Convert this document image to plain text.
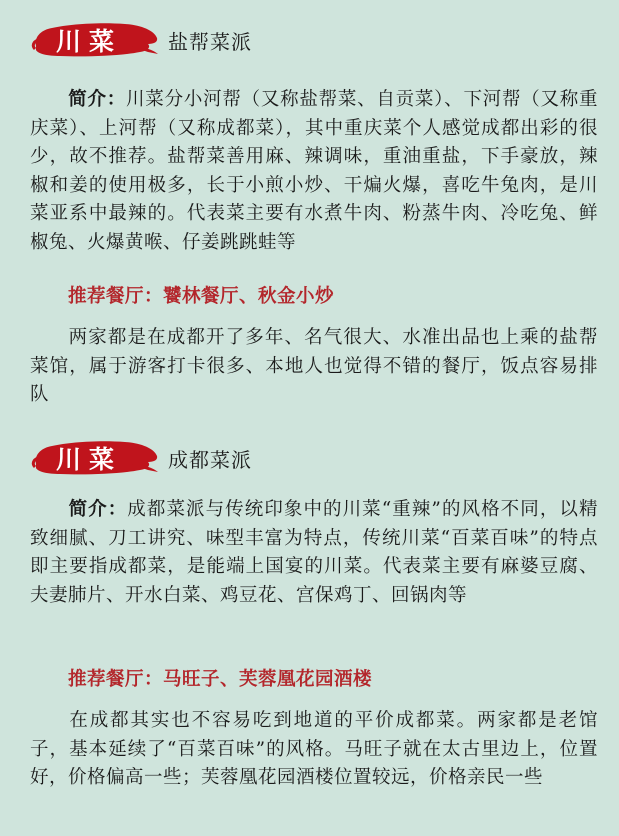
川菜	盐帮菜派
简介：川菜分小河帮（又称盐帮菜、自贡菜）、下河帮（又称重庆菜）、上河帮（又称成都菜），其中重庆菜个人感觉成都出彩的很少，故不推荐。盐帮菜善用麻、辣调味，重油重盐，下手豪放，辣椒和姜的使用极多，长于小煎小炒、干煸火爆，喜吃牛兔肉，是川菜亚系中最辣的。代表菜主要有水煮牛肉、粉蒸牛肉、冷吃兔、鲜椒兔、火爆黄喉、仔姜跳跳蛙等
推荐餐厅：饕林餐厅、秋金小炒
两家都是在成都开了多年、名气很大、水准出品也上乘的盐帮菜馆，属于游客打卡很多、本地人也觉得不错的餐厅，饭点容易排队
川菜	成都菜派
简介：成都菜派与传统印象中的川菜“重辣”的风格不同，以精致细腻、刀工讲究、味型丰富为特点，传统川菜“百菜百味”的特点即主要指成都菜，是能端上国宴的川菜。代表菜主要有麻婆豆腐、夫妻肺片、开水白菜、鸡豆花、宫保鸡丁、回锅肉等
推荐餐厅：马旺子、芙蓉凰花园酒楼
在成都其实也不容易吃到地道的平价成都菜。两家都是老馆子，基本延续了“百菜百味”的风格。马旺子就在太古里边上，位置好，价格偏高一些；芙蓉凰花园酒楼位置较远，价格亲民一些
